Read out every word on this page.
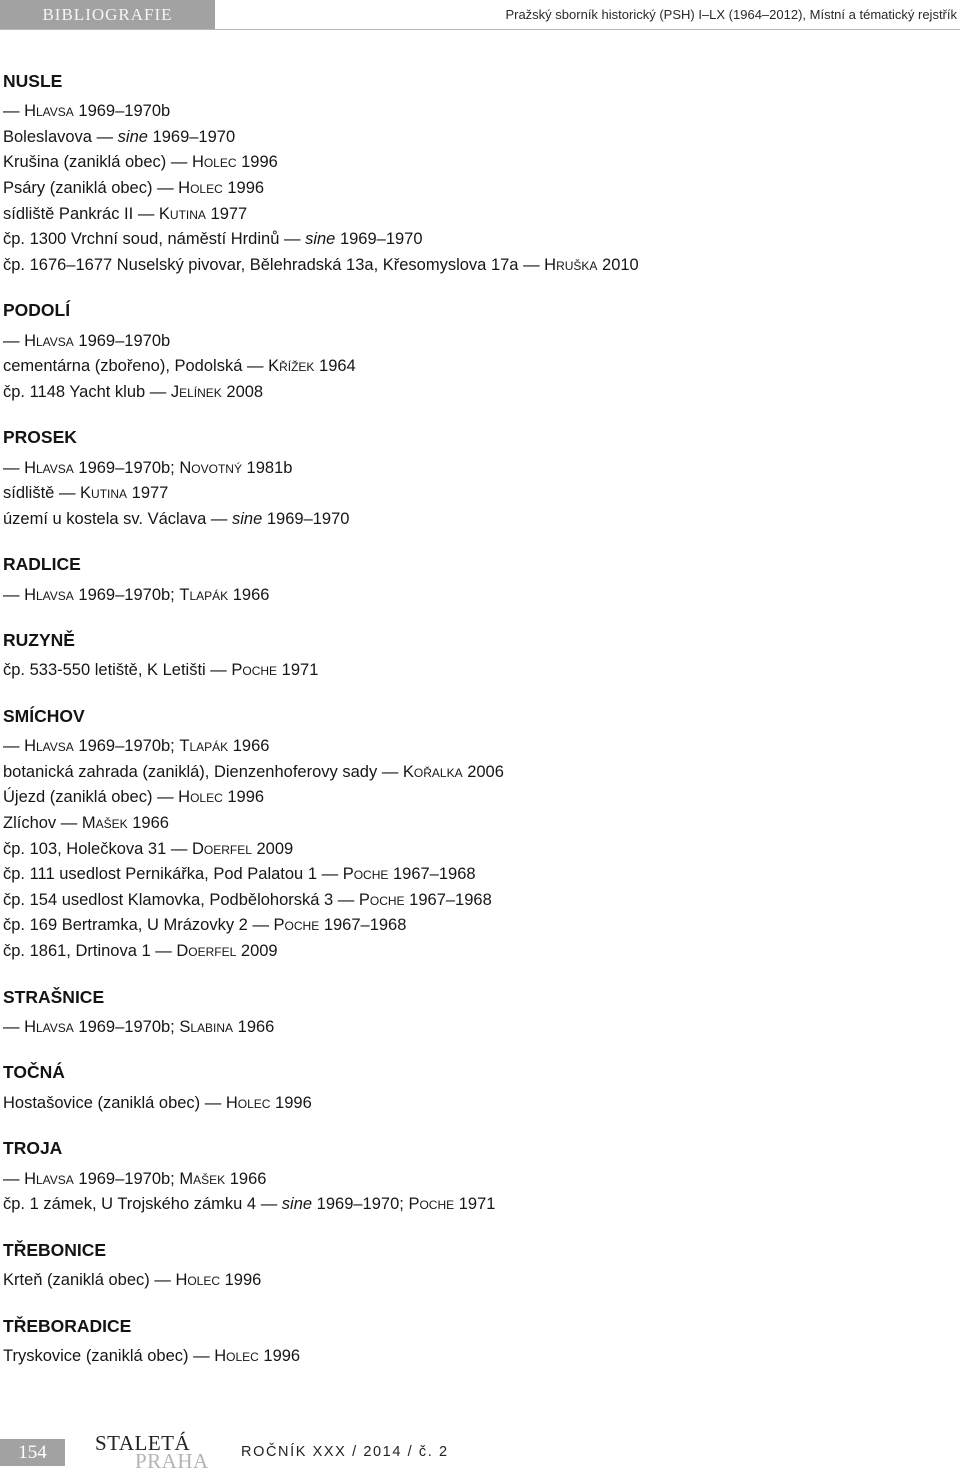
BIBLIOGRAFIE	Pražský sborník historický (PSH) I–LX (1964–2012), Místní a tématický rejstřík
NUSLE
— Hlavsa 1969–1970b
Boleslavova — sine 1969–1970
Krušina (zaniklá obec) — Holec 1996
Psáry (zaniklá obec) — Holec 1996
sídliště Pankrác II — Kutina 1977
čp. 1300 Vrchní soud, náměstí Hrdinů — sine 1969–1970
čp. 1676–1677 Nuselský pivovar, Bělehradská 13a, Křesomyslova 17a — Hruška 2010
PODOLÍ
— Hlavsa 1969–1970b
cementárna (zbořeno), Podolská — Křížek 1964
čp. 1148 Yacht klub — Jelínek 2008
PROSEK
— Hlavsa 1969–1970b; Novotný 1981b
sídliště — Kutina 1977
území u kostela sv. Václava — sine 1969–1970
RADLICE
— Hlavsa 1969–1970b; Tlapák 1966
RUZYNĚ
čp. 533-550 letiště, K Letišti — Poche 1971
SMÍCHOV
— Hlavsa 1969–1970b; Tlapák 1966
botanická zahrada (zaniklá), Dienzenhoferovy sady — Kořalka 2006
Újezd (zaniklá obec) — Holec 1996
Zlíchov — Mašek 1966
čp. 103, Holečkova 31 — Doerfel 2009
čp. 111 usedlost Pernikářka, Pod Palatou 1 — Poche 1967–1968
čp. 154 usedlost Klamovka, Podbělohorská 3 — Poche 1967–1968
čp. 169 Bertramka, U Mrázovky 2 — Poche 1967–1968
čp. 1861, Drtinova 1 — Doerfel 2009
STRAŠNICE
— Hlavsa 1969–1970b; Slabina 1966
TOČNÁ
Hostašovice (zaniklá obec) — Holec 1996
TROJA
— Hlavsa 1969–1970b; Mašek 1966
čp. 1 zámek, U Trojského zámku 4 — sine 1969–1970; Poche 1971
TŘEBONICE
Krteň (zaniklá obec) — Holec 1996
TŘEBORADICE
Tryskovice (zaniklá obec) — Holec 1996
154	STALETÁ
PRAHA ROČNÍK XXX / 2014 / č. 2
